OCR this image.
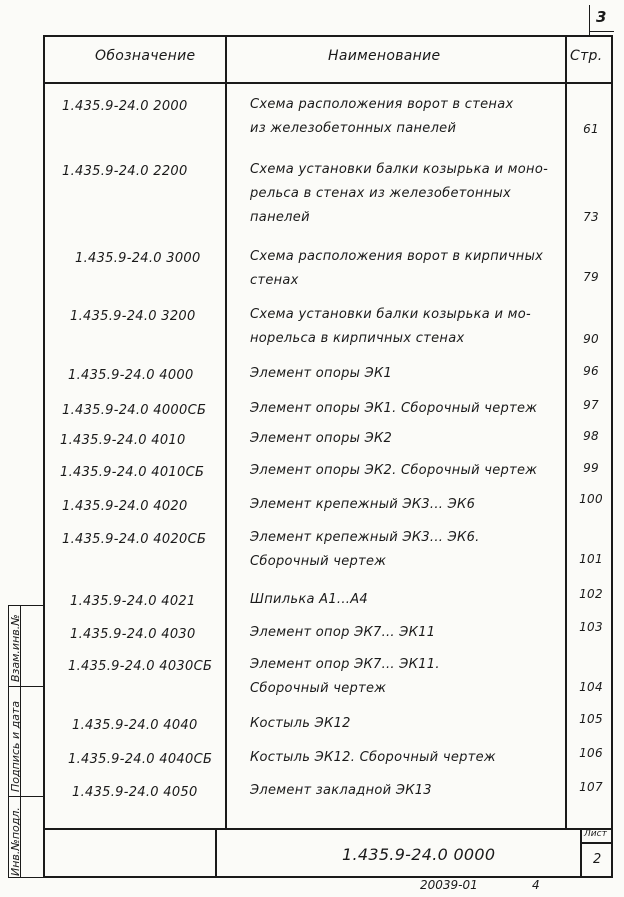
3
Обозначение	Наименование	Стр.
1.435.9-24.0 2000	Схема расположения ворот в стенах
из железобетонных панелей	61
1.435.9-24.0 2200	Схема установки балки козырька и моно-
рельса в стенах из железобетонных
панелей	73
1.435.9-24.0 3000	Схема расположения ворот в кирпичных
стенах	79
1.435.9-24.0 3200	Схема установки балки козырька и мо-
норельса в кирпичных стенах	90
1.435.9-24.0 4000	Элемент опоры ЭК1	96
1.435.9-24.0 4000СБ	Элемент опоры ЭК1. Сборочный чертеж	97
1.435.9-24.0 4010	Элемент опоры ЭК2	98
1.435.9-24.0 4010СБ	Элемент опоры ЭК2. Сборочный чертеж	99
1.435.9-24.0 4020	Элемент крепежный ЭК3... ЭК6	100
1.435.9-24.0 4020СБ	Элемент крепежный ЭК3... ЭК6.
Сборочный чертеж	101
1.435.9-24.0 4021	Шпилька А1...А4	102
1.435.9-24.0 4030	Элемент опор ЭК7... ЭК11	103
1.435.9-24.0 4030СБ	Элемент опор ЭК7... ЭК11.
Сборочный чертеж	104
1.435.9-24.0 4040	Костыль ЭК12	105
1.435.9-24.0 4040СБ	Костыль ЭК12. Сборочный чертеж	106
1.435.9-24.0 4050	Элемент закладной ЭК13	107
Инв.№подл.
Подпись и дата
Взам.инв.№
1.435.9-24.0 0000
Лист
2
20039-01	4
